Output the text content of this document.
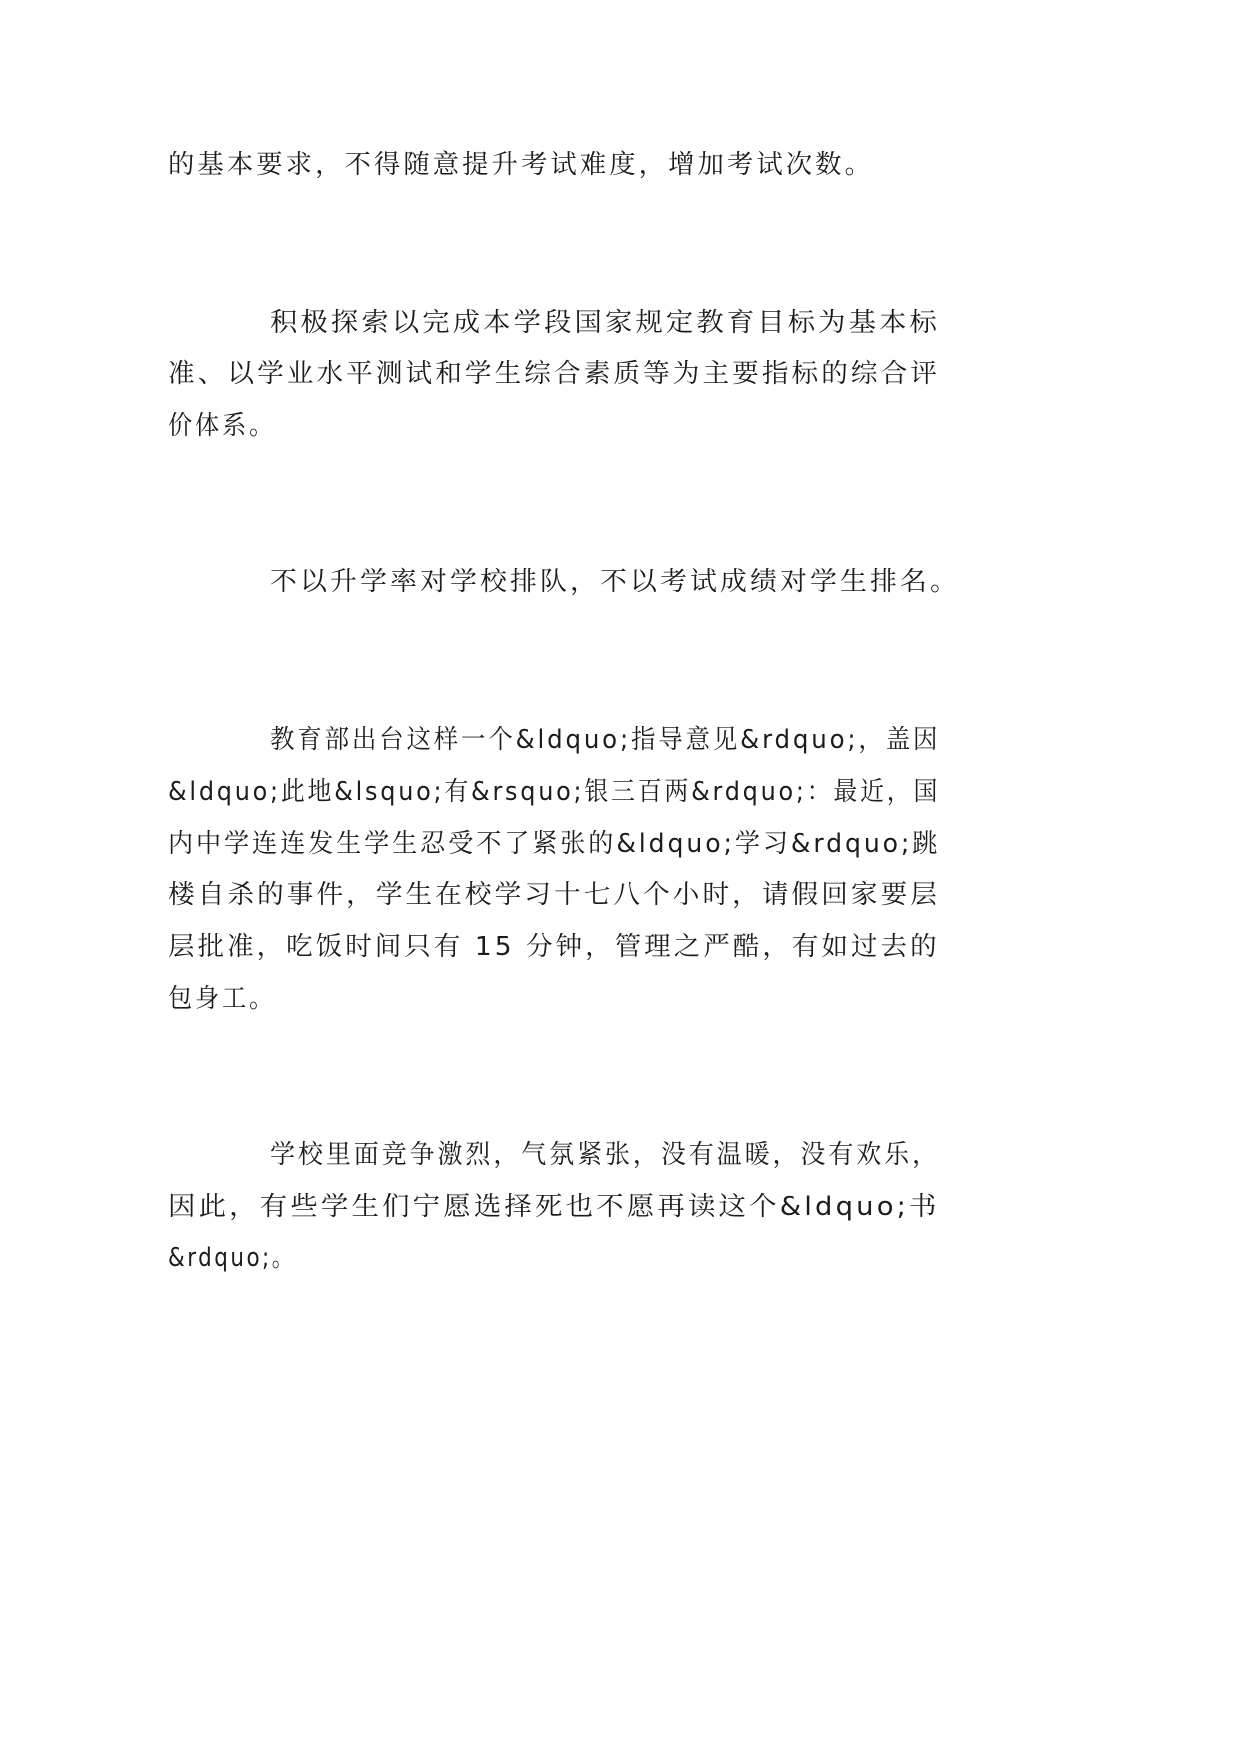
的基本要求，不得随意提升考试难度，增加考试次数。
积极探索以完成本学段国家规定教育目标为基本标
准、以学业水平测试和学生综合素质等为主要指标的综合评
价体系。
不以升学率对学校排队，不以考试成绩对学生排名。
教育部出台这样一个&ldquo;指导意见&rdquo;，盖因
&ldquo;此地&lsquo;有&rsquo;银三百两&rdquo;：最近，国
内中学连连发生学生忍受不了紧张的&ldquo;学习&rdquo;跳
楼自杀的事件，学生在校学习十七八个小时，请假回家要层
层批准，吃饭时间只有 15 分钟，管理之严酷，有如过去的
包身工。
学校里面竞争激烈，气氛紧张，没有温暖，没有欢乐，
因此，有些学生们宁愿选择死也不愿再读这个&ldquo;书
&rdquo;。
